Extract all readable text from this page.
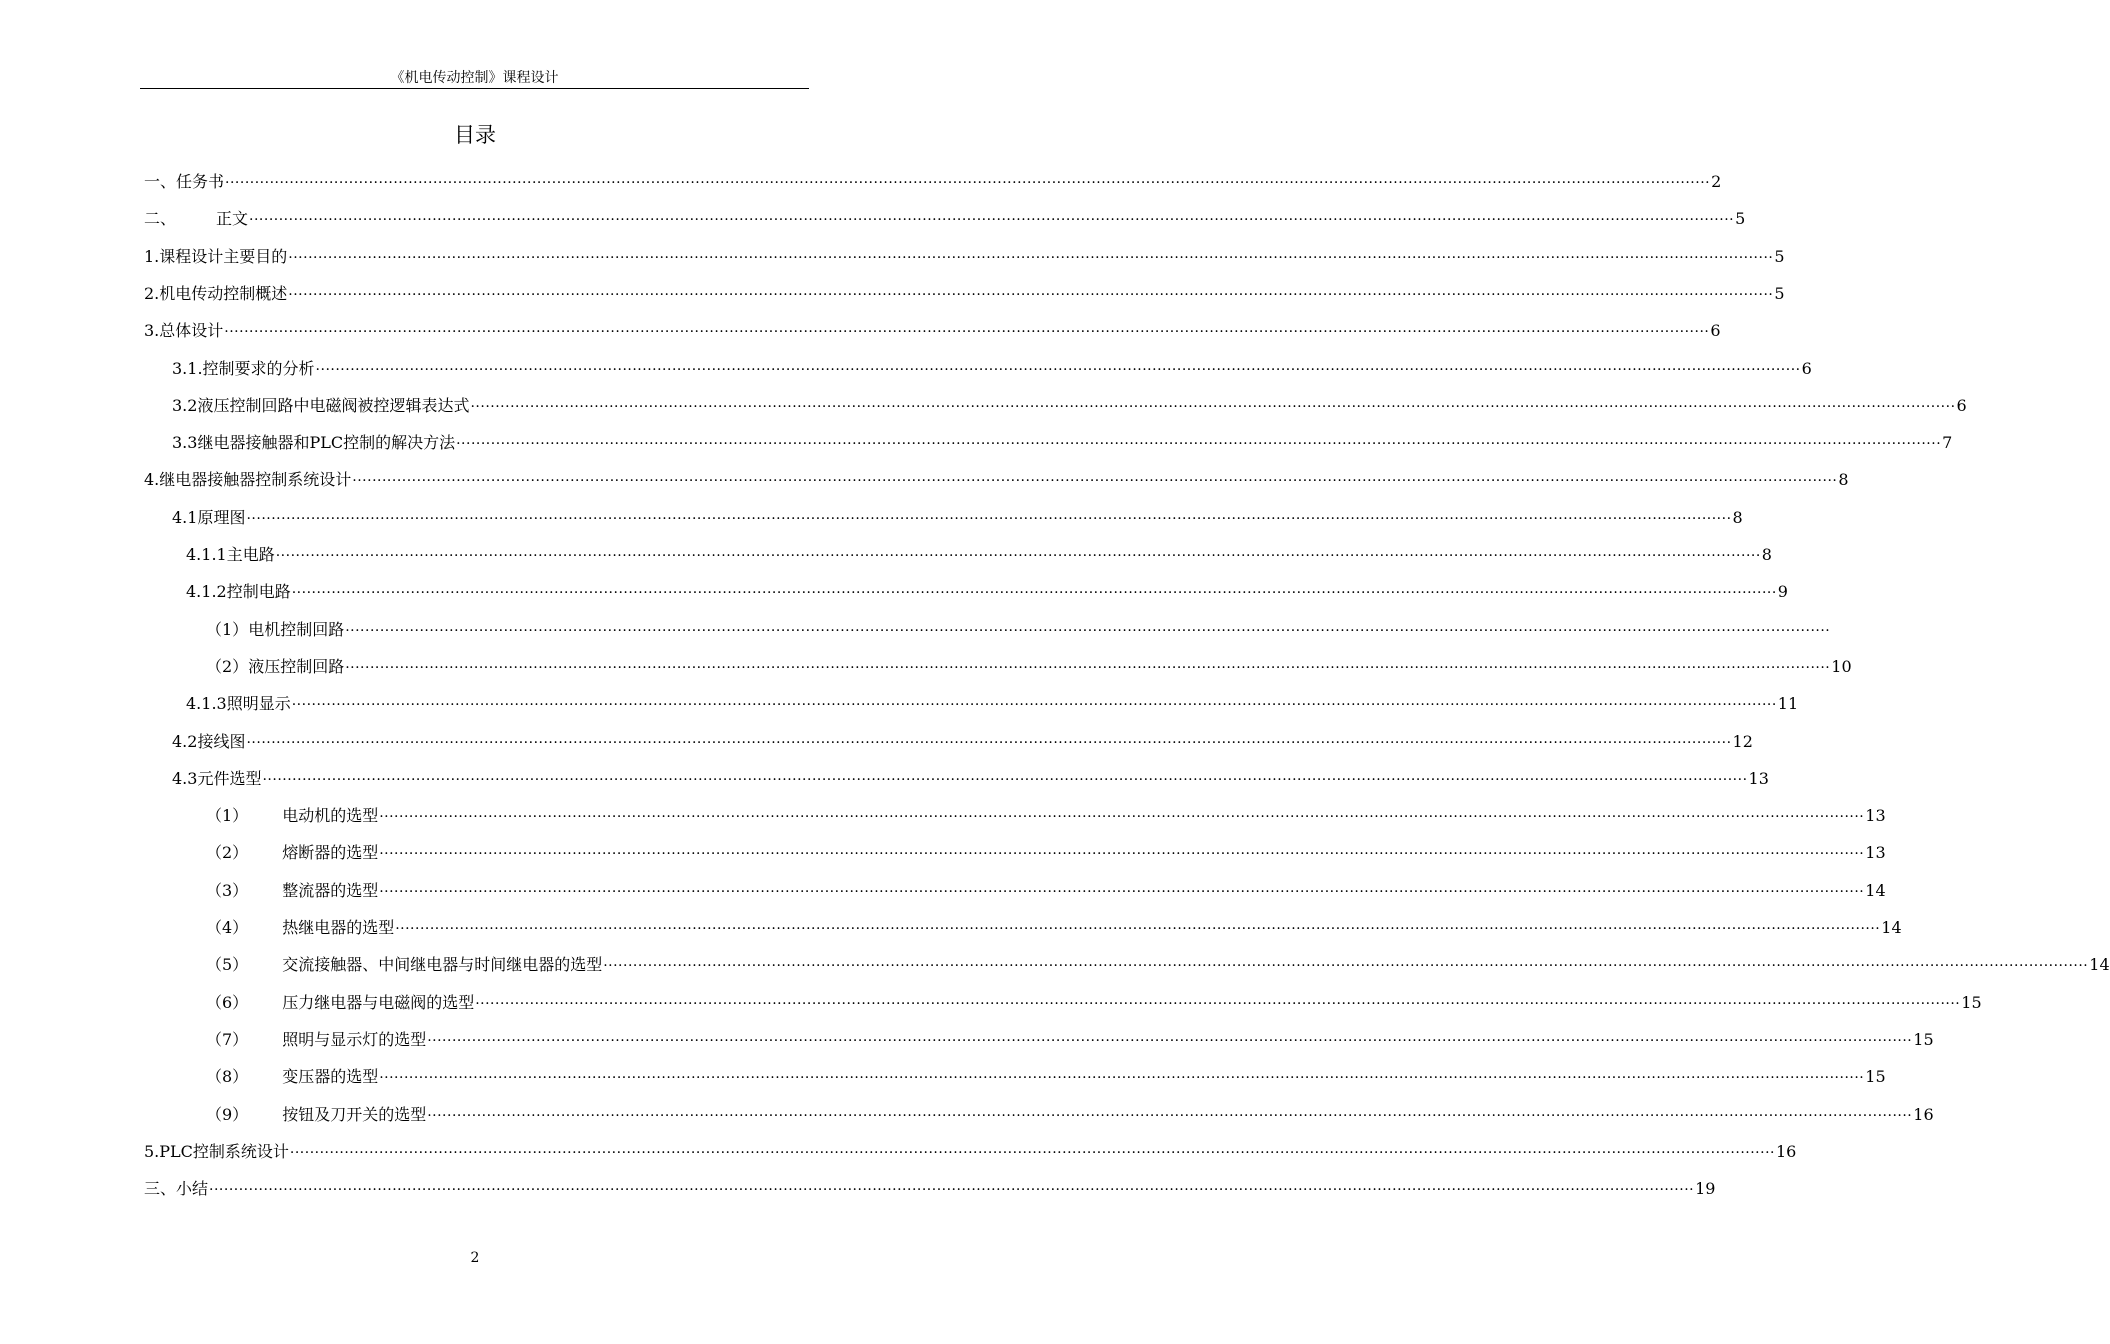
《机电传动控制》课程设计
目录
一、任务书 ············································································································································································································································································································ 2
二、	正文 ············································································································································································································································································································ 5
1.课程设计主要目的 ············································································································································································································································································································ 5
2.机电传动控制概述 ············································································································································································································································································································ 5
3.总体设计 ············································································································································································································································································································ 6
3.1.控制要求的分析 ············································································································································································································································································································ 6
3.2液压控制回路中电磁阀被控逻辑表达式 ············································································································································································································································································································ 6
3.3继电器接触器和PLC控制的解决方法 ············································································································································································································································································································ 7
4.继电器接触器控制系统设计 ············································································································································································································································································································ 8
4.1原理图 ············································································································································································································································································································ 8
4.1.1主电路 ············································································································································································································································································································ 8
4.1.2控制电路 ············································································································································································································································································································ 9
（1）电机控制回路 ············································································································································································································································································································
（2）液压控制回路 ············································································································································································································································································································ 10
4.1.3照明显示 ············································································································································································································································································································ 11
4.2接线图 ············································································································································································································································································································ 12
4.3元件选型 ············································································································································································································································································································ 13
（1） 电动机的选型 ············································································································································································································································································································ 13
（2） 熔断器的选型 ············································································································································································································································································································ 13
（3） 整流器的选型 ············································································································································································································································································································ 14
（4） 热继电器的选型 ············································································································································································································································································································ 14
（5） 交流接触器、中间继电器与时间继电器的选型 ············································································································································································································································································································ 14
（6） 压力继电器与电磁阀的选型 ············································································································································································································································································································ 15
（7） 照明与显示灯的选型 ············································································································································································································································································································ 15
（8） 变压器的选型 ············································································································································································································································································································ 15
（9） 按钮及刀开关的选型 ············································································································································································································································································································ 16
5.PLC控制系统设计 ············································································································································································································································································································ 16
三、小结 ············································································································································································································································································································ 19
2
